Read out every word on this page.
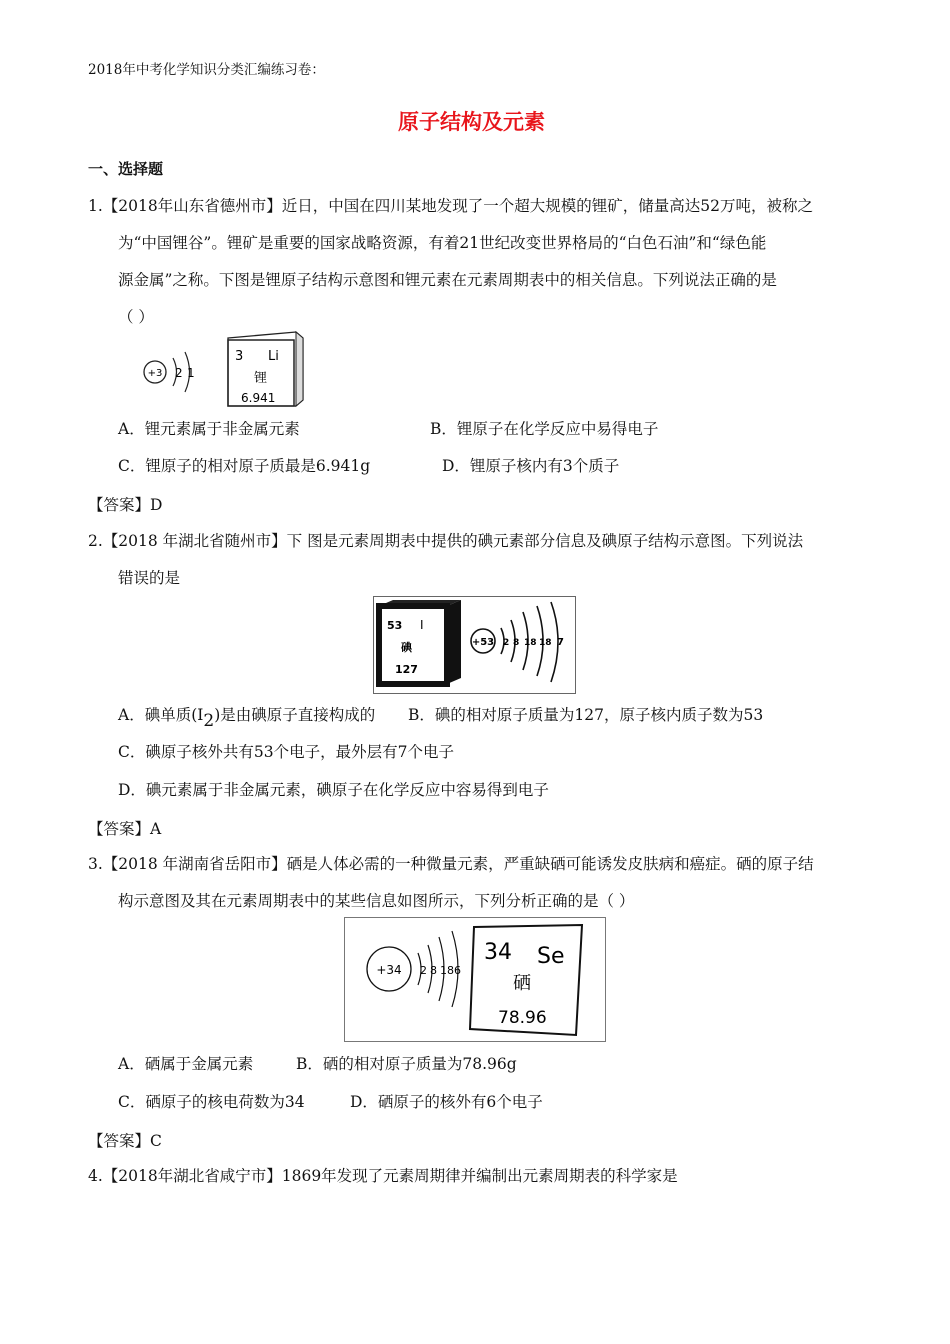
2018年中考化学知识分类汇编练习卷：
原子结构及元素
一、选择题
1.【2018年山东省德州市】近日，中国在四川某地发现了一个超大规模的锂矿，储量高达52万吨，被称之
为“中国锂谷”。锂矿是重要的国家战略资源，有着21世纪改变世界格局的“白色石油”和“绿色能
源金属”之称。下图是锂原子结构示意图和锂元素在元素周期表中的相关信息。下列说法正确的是
（ ）
+3 2 1
3 Li
锂
6.941
A．锂元素属于非金属元素	B．锂原子在化学反应中易得电子
C．锂原子的相对原子质最是6.941g	D．锂原子核内有3个质子
【答案】D
2.【2018 年湖北省随州市】下 图是元素周期表中提供的碘元素部分信息及碘原子结构示意图。下列说法
错误的是
53 I
碘
127
+53 2 8 18 18 7
A．碘单质(I2)是由碘原子直接构成的 B．碘的相对原子质量为127，原子核内质子数为53
C．碘原子核外共有53个电子，最外层有7个电子
D．碘元素属于非金属元素，碘原子在化学反应中容易得到电子
【答案】A
3.【2018 年湖南省岳阳市】硒是人体必需的一种微量元素，严重缺硒可能诱发皮肤病和癌症。硒的原子结
构示意图及其在元素周期表中的某些信息如图所示，下列分析正确的是（ ）
+34 2 8 18 6
34 Se
硒
78.96
A．硒属于金属元素	B．硒的相对原子质量为78.96g
C．硒原子的核电荷数为34	D．硒原子的核外有6个电子
【答案】C
4.【2018年湖北省咸宁市】1869年发现了元素周期律并编制出元素周期表的科学家是
